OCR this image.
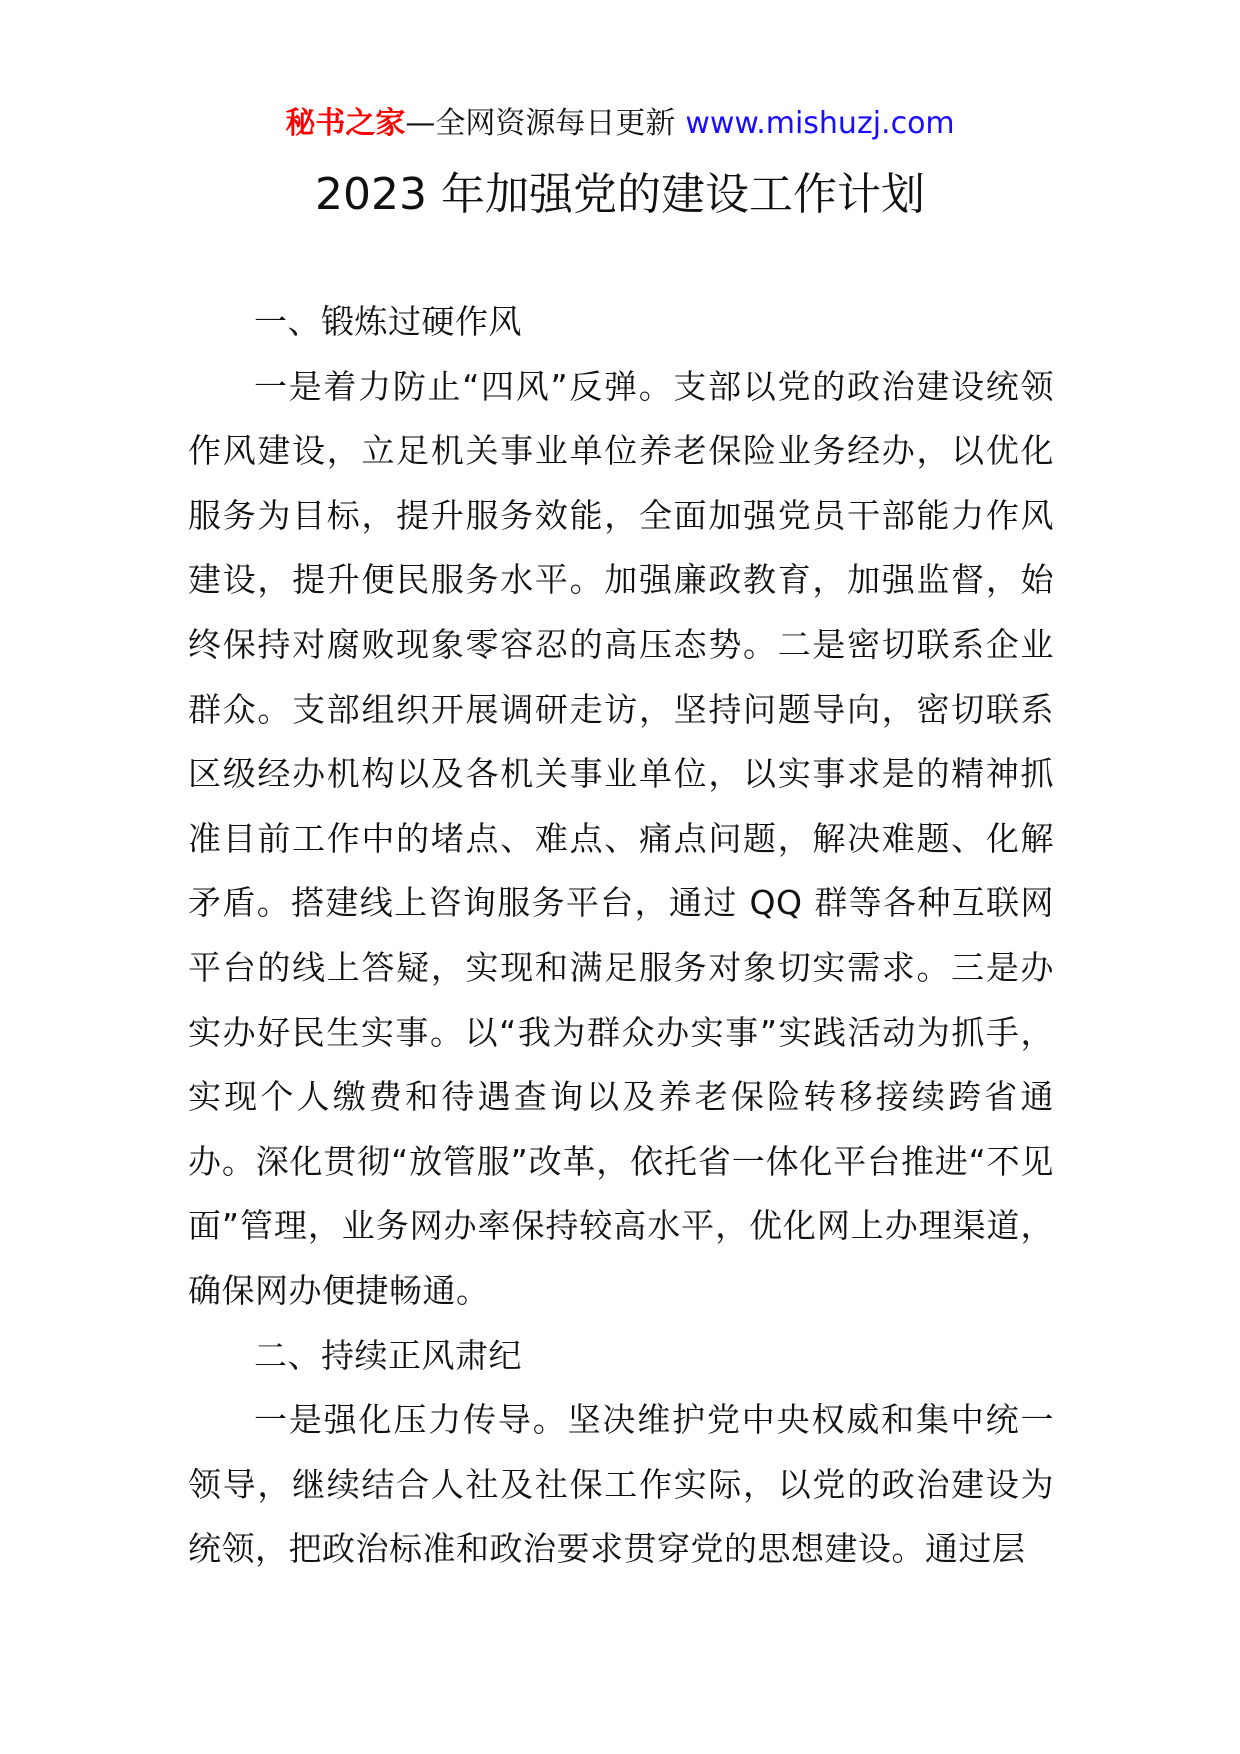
秘书之家—全网资源每日更新 www.mishuzj.com
2023 年加强党的建设工作计划

一、锻炼过硬作风

一是着力防止“四风”反弹。支部以党的政治建设统领作风建设，立足机关事业单位养老保险业务经办，以优化服务为目标，提升服务效能，全面加强党员干部能力作风建设，提升便民服务水平。加强廉政教育，加强监督，始终保持对腐败现象零容忍的高压态势。二是密切联系企业群众。支部组织开展调研走访，坚持问题导向，密切联系区级经办机构以及各机关事业单位，以实事求是的精神抓准目前工作中的堵点、难点、痛点问题，解决难题、化解矛盾。搭建线上咨询服务平台，通过 QQ 群等各种互联网平台的线上答疑，实现和满足服务对象切实需求。三是办实办好民生实事。以“我为群众办实事”实践活动为抓手，实现个人缴费和待遇查询以及养老保险转移接续跨省通办。深化贯彻“放管服”改革，依托省一体化平台推进“不见面”管理，业务网办率保持较高水平，优化网上办理渠道，确保网办便捷畅通。

二、持续正风肃纪

一是强化压力传导。坚决维护党中央权威和集中统一领导，继续结合人社及社保工作实际，以党的政治建设为统领，把政治标准和政治要求贯穿党的思想建设。通过层
